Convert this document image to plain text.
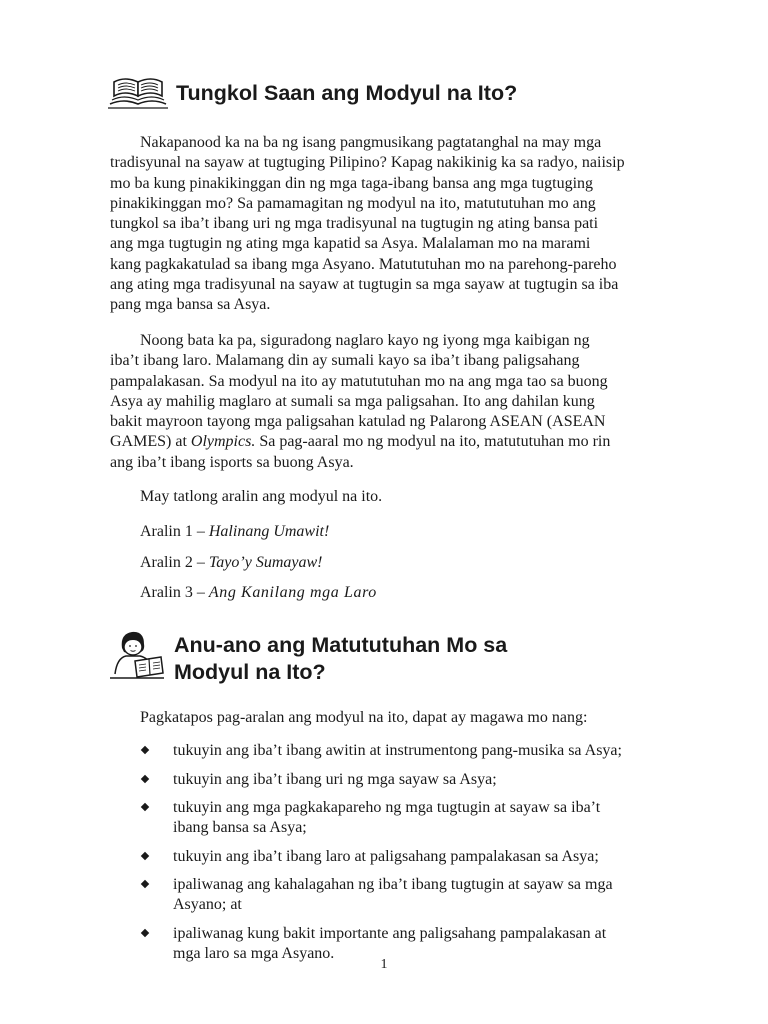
Tungkol Saan ang Modyul na Ito?

Nakapanood ka na ba ng isang pangmusikang pagtatanghal na may mga
tradisyunal na sayaw at tugtuging Pilipino? Kapag nakikinig ka sa radyo, naiisip
mo ba kung pinakikinggan din ng mga taga-ibang bansa ang mga tugtuging
pinakikinggan mo? Sa pamamagitan ng modyul na ito, matututuhan mo ang
tungkol sa iba’t ibang uri ng mga tradisyunal na tugtugin ng ating bansa pati
ang mga tugtugin ng ating mga kapatid sa Asya. Malalaman mo na marami
kang pagkakatulad sa ibang mga Asyano. Matututuhan mo na parehong-pareho
ang ating mga tradisyunal na sayaw at tugtugin sa mga sayaw at tugtugin sa iba
pang mga bansa sa Asya.

Noong bata ka pa, siguradong naglaro kayo ng iyong mga kaibigan ng
iba’t ibang laro. Malamang din ay sumali kayo sa iba’t ibang paligsahang
pampalakasan. Sa modyul na ito ay matututuhan mo na ang mga tao sa buong
Asya ay mahilig maglaro at sumali sa mga paligsahan. Ito ang dahilan kung
bakit mayroon tayong mga paligsahan katulad ng Palarong ASEAN (ASEAN
GAMES) at Olympics. Sa pag-aaral mo ng modyul na ito, matututuhan mo rin
ang iba’t ibang isports sa buong Asya.

May tatlong aralin ang modyul na ito.

Aralin 1 – Halinang Umawit!
Aralin 2 – Tayo’y Sumayaw!
Aralin 3 – Ang Kanilang mga Laro
Anu-ano ang Matututuhan Mo sa
Modyul na Ito?

Pagkatapos pag-aralan ang modyul na ito, dapat ay magawa mo nang:

tukuyin ang iba’t ibang awitin at instrumentong pang-musika sa Asya;
tukuyin ang iba’t ibang uri ng mga sayaw sa Asya;
tukuyin ang mga pagkakapareho ng mga tugtugin at sayaw sa iba’t
ibang bansa sa Asya;
tukuyin ang iba’t ibang laro at paligsahang pampalakasan sa Asya;
ipaliwanag ang kahalagahan ng iba’t ibang tugtugin at sayaw sa mga
Asyano; at
ipaliwanag kung bakit importante ang paligsahang pampalakasan at
mga laro sa mga Asyano.
1
